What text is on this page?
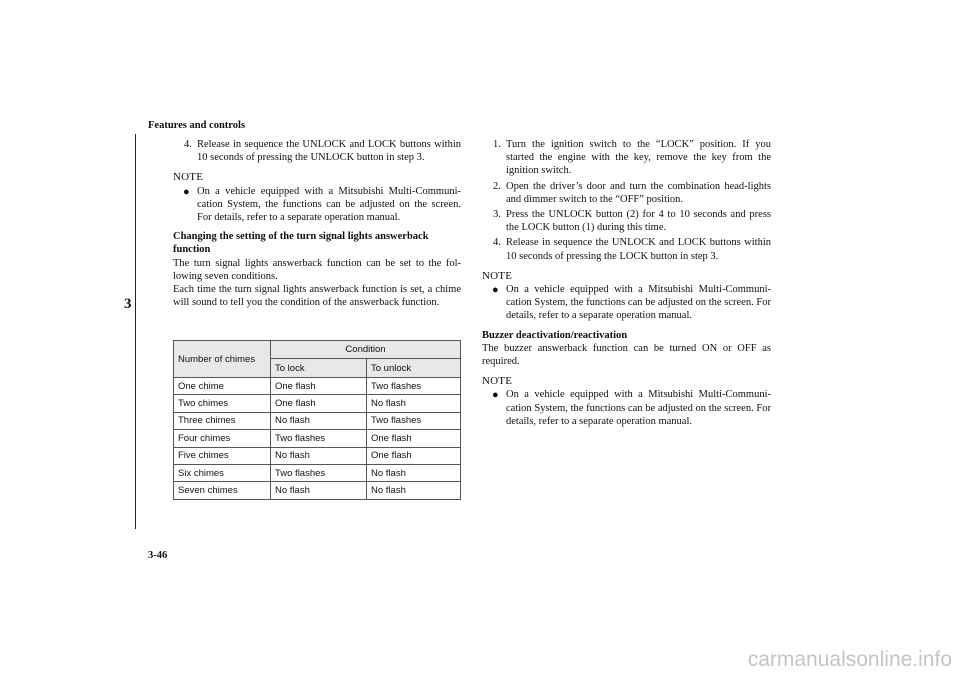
Features and controls
3
4. Release in sequence the UNLOCK and LOCK buttons within 10 seconds of pressing the UNLOCK button in step 3.
NOTE
● On a vehicle equipped with a Mitsubishi Multi-Communi-cation System, the functions can be adjusted on the screen. For details, refer to a separate operation manual.
Changing the setting of the turn signal lights answerback function
The turn signal lights answerback function can be set to the fol-lowing seven conditions.
Each time the turn signal lights answerback function is set, a chime will sound to tell you the condition of the answerback function.
Number of chimes	Condition	
	To lock	To unlock
One chime	One flash	Two flashes
Two chimes	One flash	No flash
Three chimes	No flash	Two flashes
Four chimes	Two flashes	One flash
Five chimes	No flash	One flash
Six chimes	Two flashes	No flash
Seven chimes	No flash	No flash
1. Turn the ignition switch to the “LOCK” position. If you started the engine with the key, remove the key from the ignition switch.
2. Open the driver’s door and turn the combination head-lights and dimmer switch to the “OFF” position.
3. Press the UNLOCK button (2) for 4 to 10 seconds and press the LOCK button (1) during this time.
4. Release in sequence the UNLOCK and LOCK buttons within 10 seconds of pressing the LOCK button in step 3.
NOTE
● On a vehicle equipped with a Mitsubishi Multi-Communi-cation System, the functions can be adjusted on the screen. For details, refer to a separate operation manual.
Buzzer deactivation/reactivation
The buzzer answerback function can be turned ON or OFF as required.
NOTE
● On a vehicle equipped with a Mitsubishi Multi-Communi-cation System, the functions can be adjusted on the screen. For details, refer to a separate operation manual.
3-46
carmanualsonline.info
